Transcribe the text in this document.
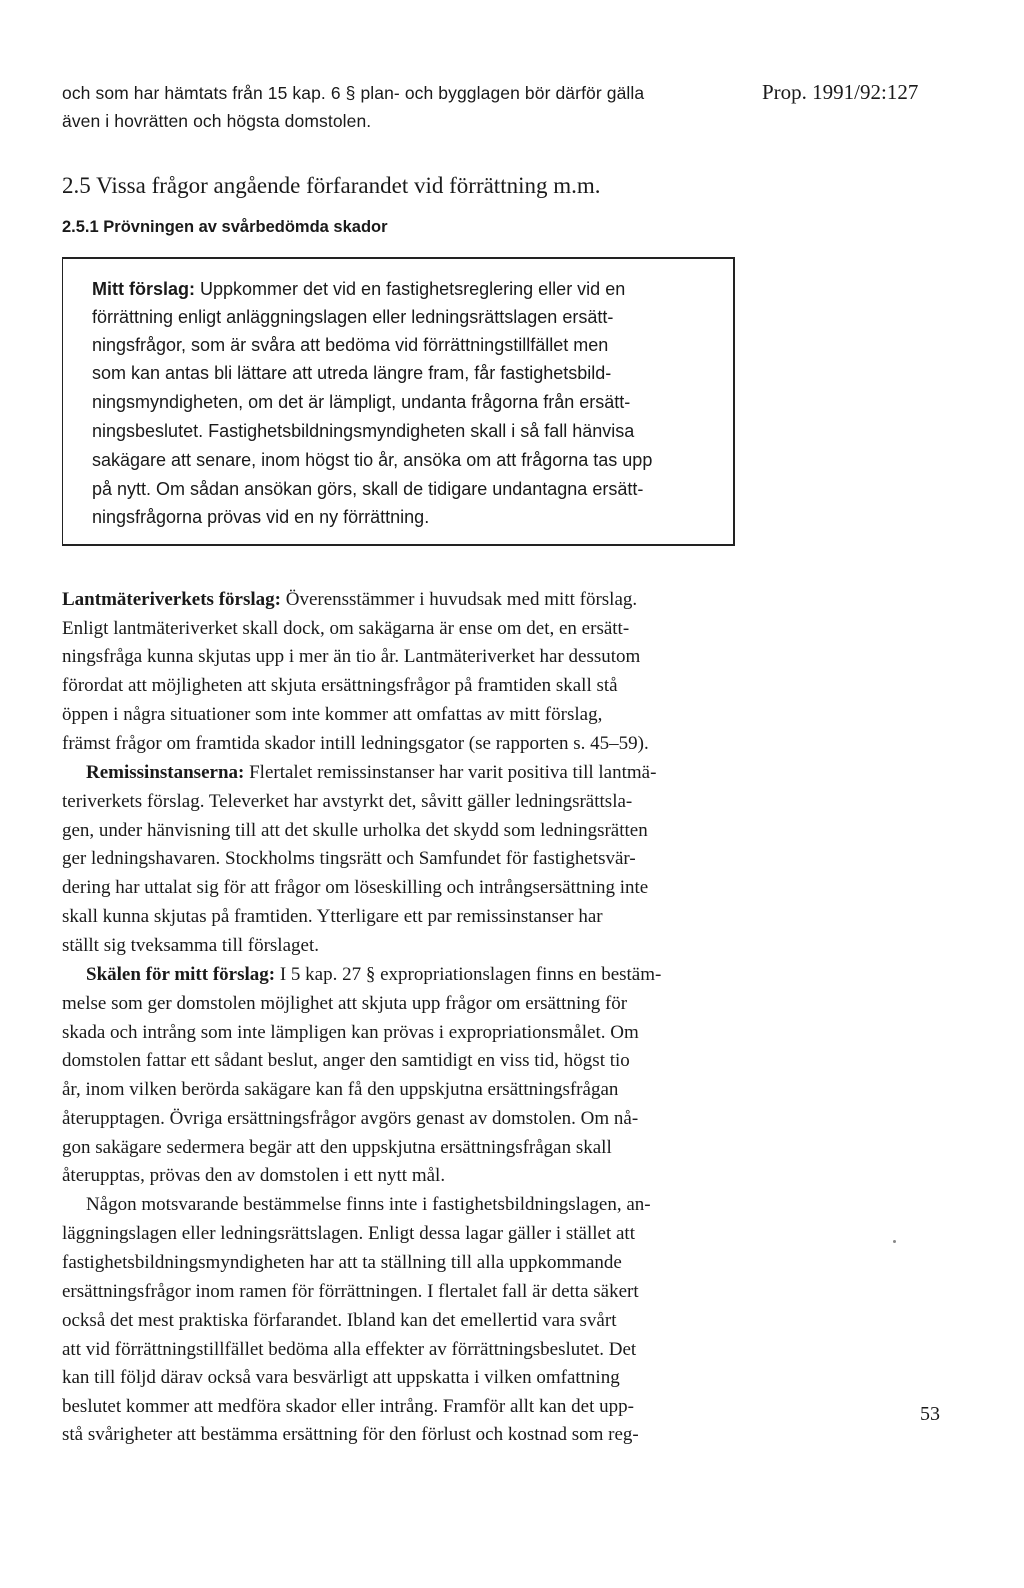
och som har hämtats från 15 kap. 6 § plan- och bygglagen bör därför gälla
även i hovrätten och högsta domstolen.
Prop. 1991/92:127
2.5 Vissa frågor angående förfarandet vid förrättning m.m.
2.5.1 Prövningen av svårbedömda skador
Mitt förslag: Uppkommer det vid en fastighetsreglering eller vid en
förrättning enligt anläggningslagen eller ledningsrättslagen ersätt-
ningsfrågor, som är svåra att bedöma vid förrättningstillfället men
som kan antas bli lättare att utreda längre fram, får fastighetsbild-
ningsmyndigheten, om det är lämpligt, undanta frågorna från ersätt-
ningsbeslutet. Fastighetsbildningsmyndigheten skall i så fall hänvisa
sakägare att senare, inom högst tio år, ansöka om att frågorna tas upp
på nytt. Om sådan ansökan görs, skall de tidigare undantagna ersätt-
ningsfrågorna prövas vid en ny förrättning.
Lantmäteriverkets förslag: Överensstämmer i huvudsak med mitt förslag.
Enligt lantmäteriverket skall dock, om sakägarna är ense om det, en ersätt-
ningsfråga kunna skjutas upp i mer än tio år. Lantmäteriverket har dessutom
förordat att möjligheten att skjuta ersättningsfrågor på framtiden skall stå
öppen i några situationer som inte kommer att omfattas av mitt förslag,
främst frågor om framtida skador intill ledningsgator (se rapporten s. 45–59).
Remissinstanserna: Flertalet remissinstanser har varit positiva till lantmä-
teriverkets förslag. Televerket har avstyrkt det, såvitt gäller ledningsrättsla-
gen, under hänvisning till att det skulle urholka det skydd som ledningsrätten
ger ledningshavaren. Stockholms tingsrätt och Samfundet för fastighetsvär-
dering har uttalat sig för att frågor om löseskilling och intrångsersättning inte
skall kunna skjutas på framtiden. Ytterligare ett par remissinstanser har
ställt sig tveksamma till förslaget.
Skälen för mitt förslag: I 5 kap. 27 § expropriationslagen finns en bestäm-
melse som ger domstolen möjlighet att skjuta upp frågor om ersättning för
skada och intrång som inte lämpligen kan prövas i expropriationsmålet. Om
domstolen fattar ett sådant beslut, anger den samtidigt en viss tid, högst tio
år, inom vilken berörda sakägare kan få den uppskjutna ersättningsfrågan
återupptagen. Övriga ersättningsfrågor avgörs genast av domstolen. Om nå-
gon sakägare sedermera begär att den uppskjutna ersättningsfrågan skall
återupptas, prövas den av domstolen i ett nytt mål.
Någon motsvarande bestämmelse finns inte i fastighetsbildningslagen, an-
läggningslagen eller ledningsrättslagen. Enligt dessa lagar gäller i stället att
fastighetsbildningsmyndigheten har att ta ställning till alla uppkommande
ersättningsfrågor inom ramen för förrättningen. I flertalet fall är detta säkert
också det mest praktiska förfarandet. Ibland kan det emellertid vara svårt
att vid förrättningstillfället bedöma alla effekter av förrättningsbeslutet. Det
kan till följd därav också vara besvärligt att uppskatta i vilken omfattning
beslutet kommer att medföra skador eller intrång. Framför allt kan det upp-
stå svårigheter att bestämma ersättning för den förlust och kostnad som reg-
53
